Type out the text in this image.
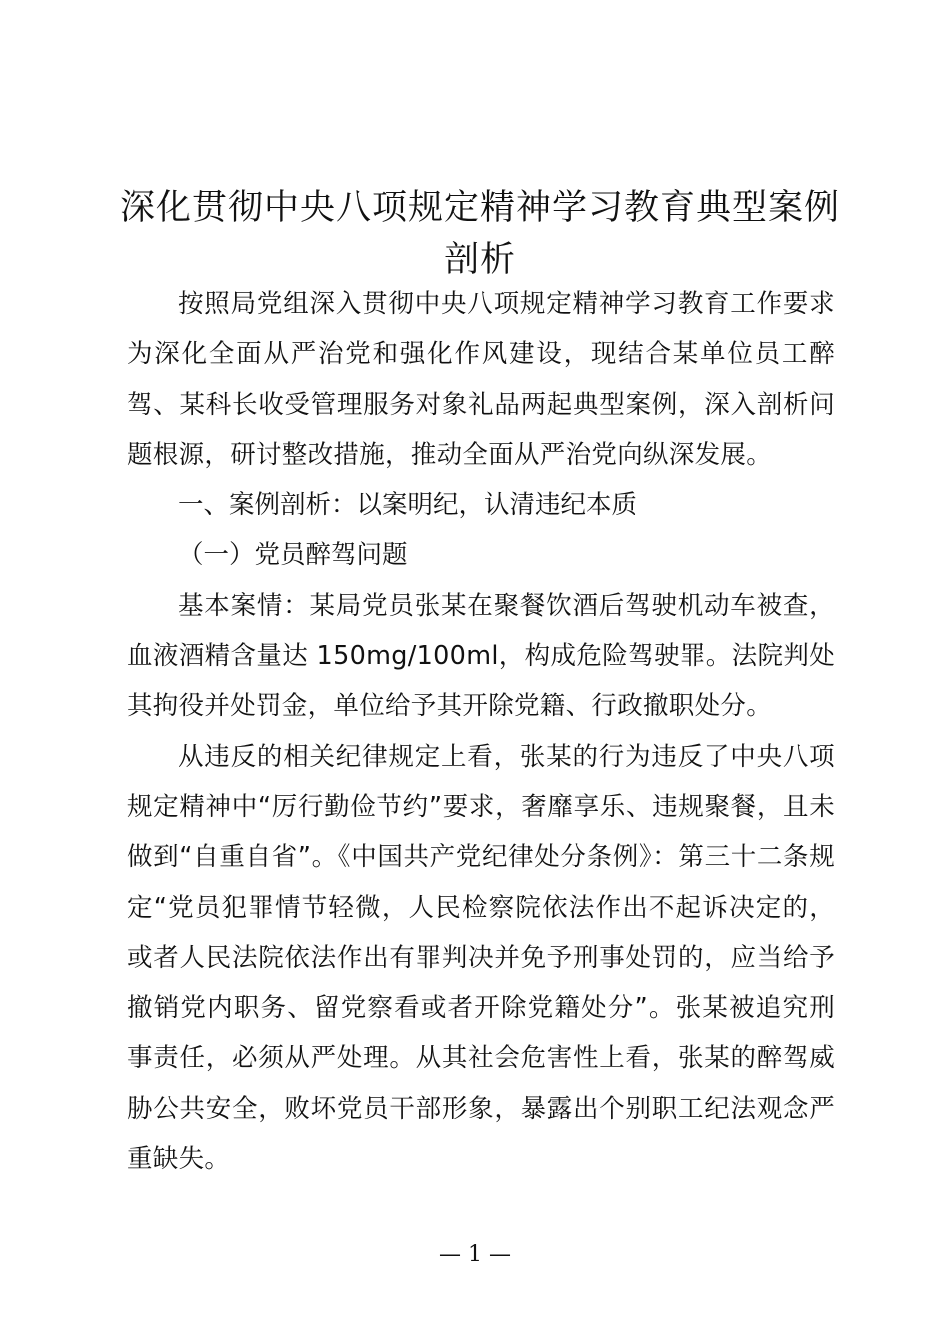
深化贯彻中央八项规定精神学习教育典型案例剖析

按照局党组深入贯彻中央八项规定精神学习教育工作要求为深化全面从严治党和强化作风建设，现结合某单位员工醉驾、某科长收受管理服务对象礼品两起典型案例，深入剖析问题根源，研讨整改措施，推动全面从严治党向纵深发展。

一、案例剖析：以案明纪，认清违纪本质

（一）党员醉驾问题

基本案情：某局党员张某在聚餐饮酒后驾驶机动车被查，血液酒精含量达 150mg/100ml，构成危险驾驶罪。法院判处其拘役并处罚金，单位给予其开除党籍、行政撤职处分。

从违反的相关纪律规定上看，张某的行为违反了中央八项规定精神中“厉行勤俭节约”要求，奢靡享乐、违规聚餐，且未做到“自重自省”。《中国共产党纪律处分条例》：第三十二条规定“党员犯罪情节轻微，人民检察院依法作出不起诉决定的，或者人民法院依法作出有罪判决并免予刑事处罚的，应当给予撤销党内职务、留党察看或者开除党籍处分”。张某被追究刑事责任，必须从严处理。从其社会危害性上看，张某的醉驾威胁公共安全，败坏党员干部形象，暴露出个别职工纪法观念严重缺失。

— 1 —
